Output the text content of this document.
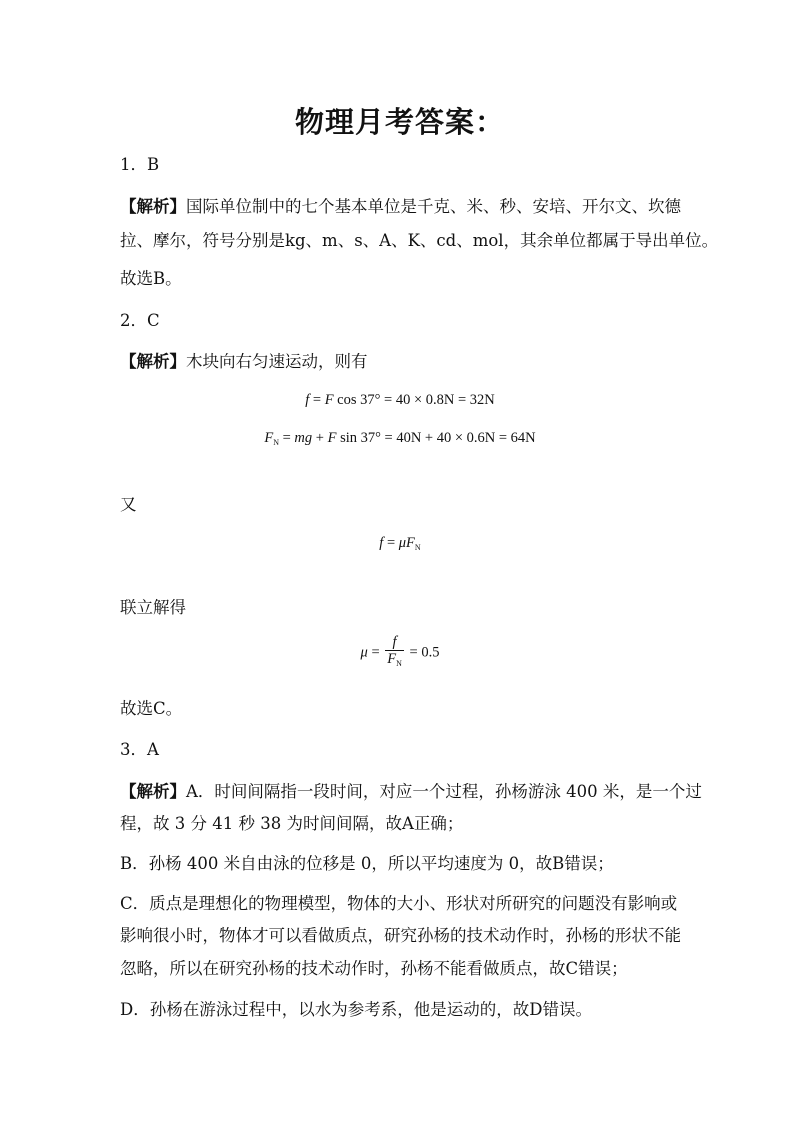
物理月考答案：

1．B

【解析】国际单位制中的七个基本单位是千克、米、秒、安培、开尔文、坎德

拉、摩尔，符号分别是kg、m、s、A、K、cd、mol，其余单位都属于导出单位。

故选B。

2．C

【解析】木块向右匀速运动，则有

f = F cos 37° = 40 × 0.8N = 32N
$F_N$ = mg + F sin 37° = 40N + 40 × 0.6N = 64N

又

$f = \mu F_N$

联立解得

$\mu = \frac{f}{F_N} = 0.5$

故选C。

3．A

【解析】A．时间间隔指一段时间，对应一个过程，孙杨游泳 400 米，是一个过

程，故 3 分 41 秒 38 为时间间隔，故A正确；

B．孙杨 400 米自由泳的位移是 0，所以平均速度为 0，故B错误；

C．质点是理想化的物理模型，物体的大小、形状对所研究的问题没有影响或

影响很小时，物体才可以看做质点，研究孙杨的技术动作时，孙杨的形状不能

忽略，所以在研究孙杨的技术动作时，孙杨不能看做质点，故C错误；

D．孙杨在游泳过程中，以水为参考系，他是运动的，故D错误。
